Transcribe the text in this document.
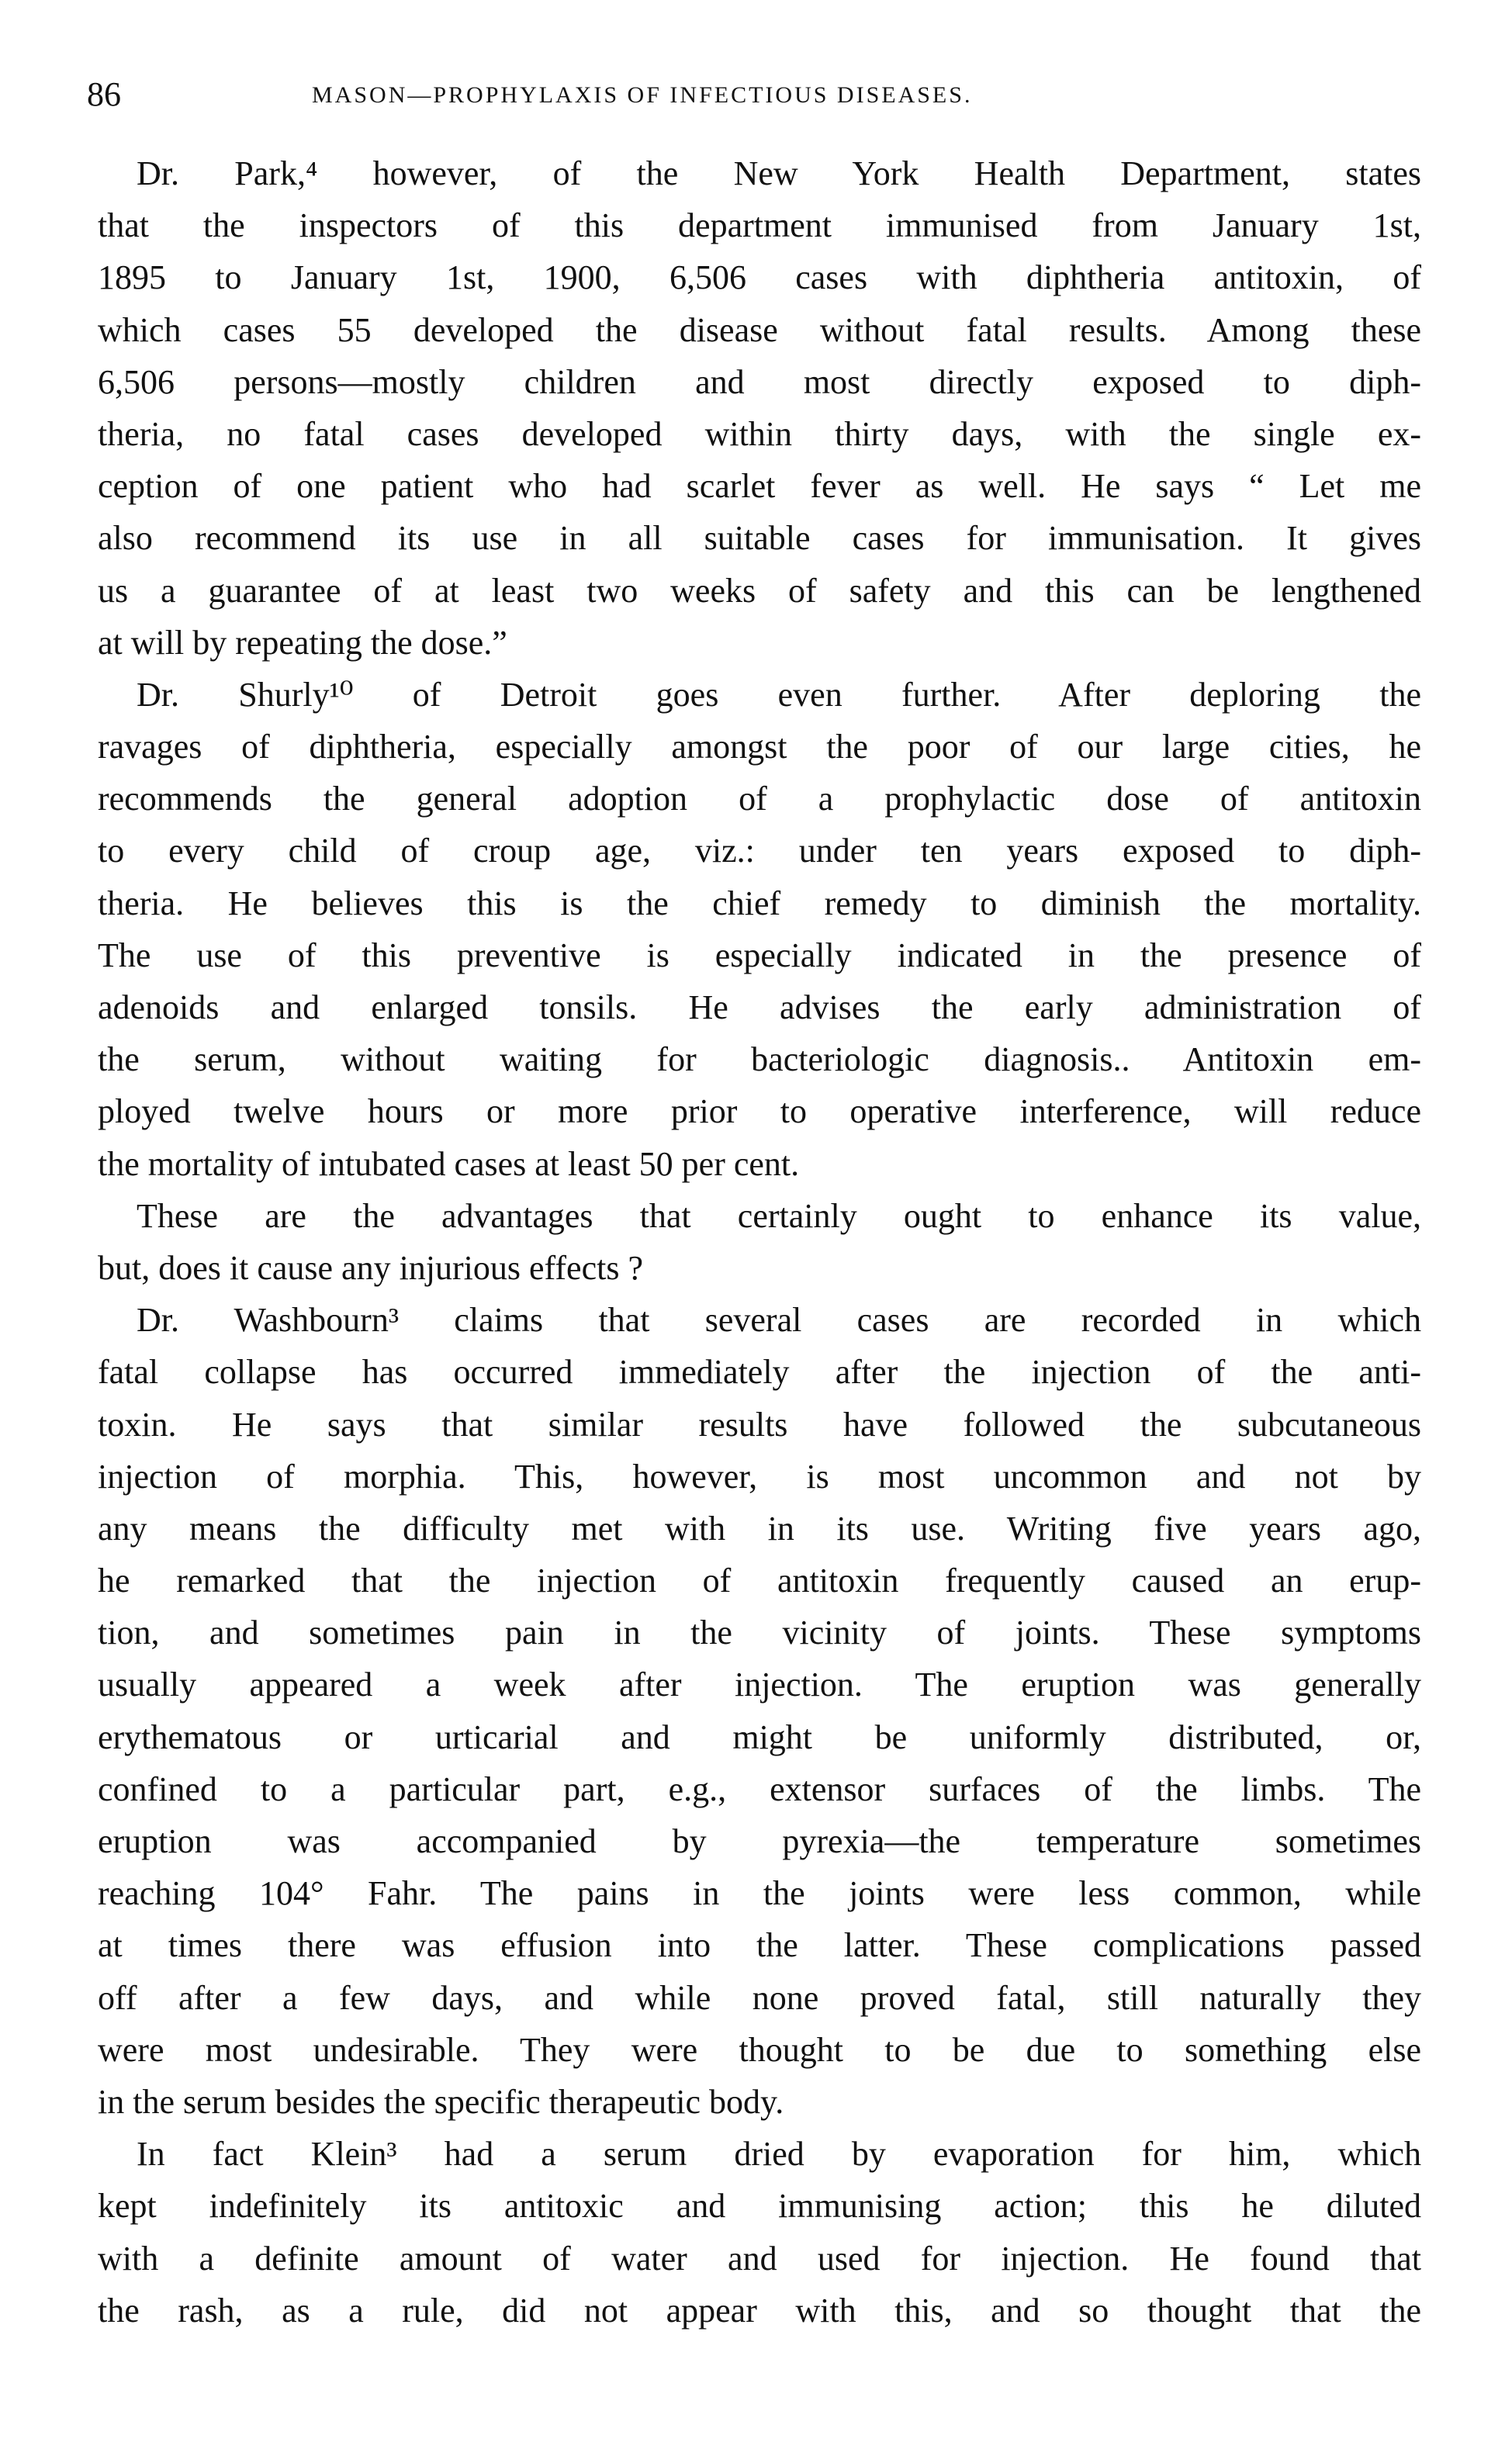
86	MASON—PROPHYLAXIS OF INFECTIOUS DISEASES.
Dr. Park,⁴ however, of the New York Health Department, states
that the inspectors of this department immunised from January 1st,
1895 to January 1st, 1900, 6,506 cases with diphtheria antitoxin, of
which cases 55 developed the disease without fatal results. Among these
6,506 persons—mostly children and most directly exposed to diph-
theria, no fatal cases developed within thirty days, with the single ex-
ception of one patient who had scarlet fever as well. He says “ Let me
also recommend its use in all suitable cases for immunisation. It gives
us a guarantee of at least two weeks of safety and this can be lengthened
at will by repeating the dose.”
Dr. Shurly¹⁰ of Detroit goes even further. After deploring the
ravages of diphtheria, especially amongst the poor of our large cities, he
recommends the general adoption of a prophylactic dose of antitoxin
to every child of croup age, viz.: under ten years exposed to diph-
theria. He believes this is the chief remedy to diminish the mortality.
The use of this preventive is especially indicated in the presence of
adenoids and enlarged tonsils. He advises the early administration of
the serum, without waiting for bacteriologic diagnosis.. Antitoxin em-
ployed twelve hours or more prior to operative interference, will reduce
the mortality of intubated cases at least 50 per cent.
These are the advantages that certainly ought to enhance its value,
but, does it cause any injurious effects ?
Dr. Washbourn³ claims that several cases are recorded in which
fatal collapse has occurred immediately after the injection of the anti-
toxin. He says that similar results have followed the subcutaneous
injection of morphia. This, however, is most uncommon and not by
any means the difficulty met with in its use. Writing five years ago,
he remarked that the injection of antitoxin frequently caused an erup-
tion, and sometimes pain in the vicinity of joints. These symptoms
usually appeared a week after injection. The eruption was generally
erythematous or urticarial and might be uniformly distributed, or,
confined to a particular part, e.g., extensor surfaces of the limbs. The
eruption was accompanied by pyrexia—the temperature sometimes
reaching 104° Fahr. The pains in the joints were less common, while
at times there was effusion into the latter. These complications passed
off after a few days, and while none proved fatal, still naturally they
were most undesirable. They were thought to be due to something else
in the serum besides the specific therapeutic body.
In fact Klein³ had a serum dried by evaporation for him, which
kept indefinitely its antitoxic and immunising action; this he diluted
with a definite amount of water and used for injection. He found that
the rash, as a rule, did not appear with this, and so thought that the
